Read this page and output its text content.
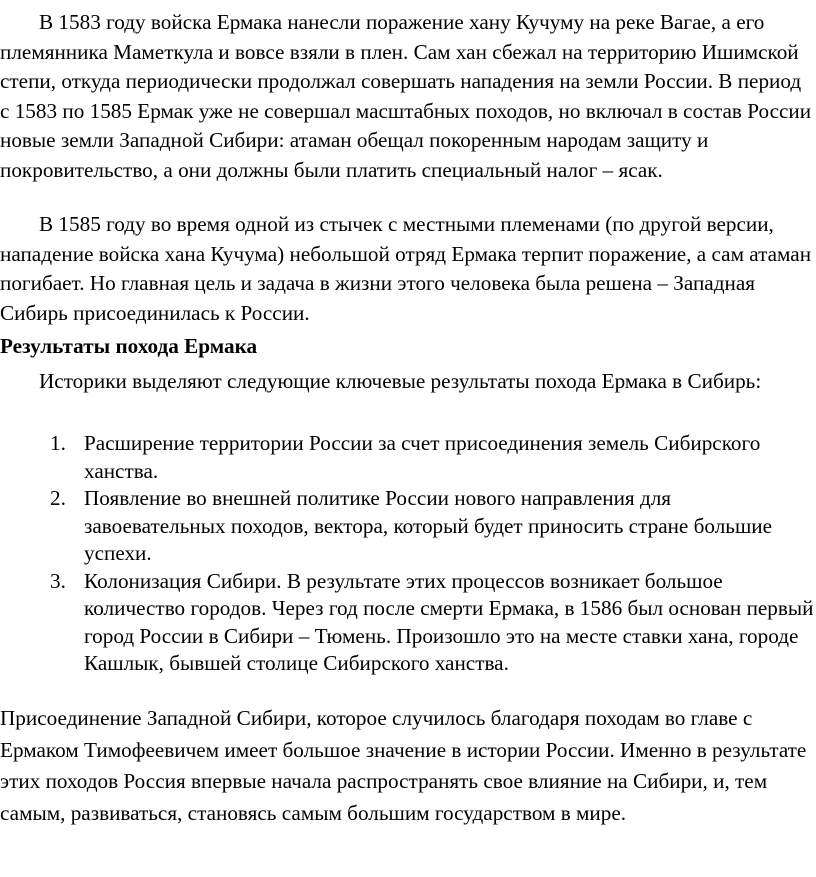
В 1583 году войска Ермака нанесли поражение хану Кучуму на реке Вагае, а его племянника Маметкула и вовсе взяли в плен. Сам хан сбежал на территорию Ишимской степи, откуда периодически продолжал совершать нападения на земли России. В период с 1583 по 1585 Ермак уже не совершал масштабных походов, но включал в состав России новые земли Западной Сибири: атаман обещал покоренным народам защиту и покровительство, а они должны были платить специальный налог – ясак.

В 1585 году во время одной из стычек с местными племенами (по другой версии, нападение войска хана Кучума) небольшой отряд Ермака терпит поражение, а сам атаман погибает. Но главная цель и задача в жизни этого человека была решена – Западная Сибирь присоединилась к России.

Результаты похода Ермака

Историки выделяют следующие ключевые результаты похода Ермака в Сибирь:

1. Расширение территории России за счет присоединения земель Сибирского ханства.
2. Появление во внешней политике России нового направления для завоевательных походов, вектора, который будет приносить стране большие успехи.
3. Колонизация Сибири. В результате этих процессов возникает большое количество городов. Через год после смерти Ермака, в 1586 был основан первый город России в Сибири – Тюмень. Произошло это на месте ставки хана, городе Кашлык, бывшей столице Сибирского ханства.

Присоединение Западной Сибири, которое случилось благодаря походам во главе с Ермаком Тимофеевичем имеет большое значение в истории России. Именно в результате этих походов Россия впервые начала распространять свое влияние на Сибири, и, тем самым, развиваться, становясь самым большим государством в мире.
